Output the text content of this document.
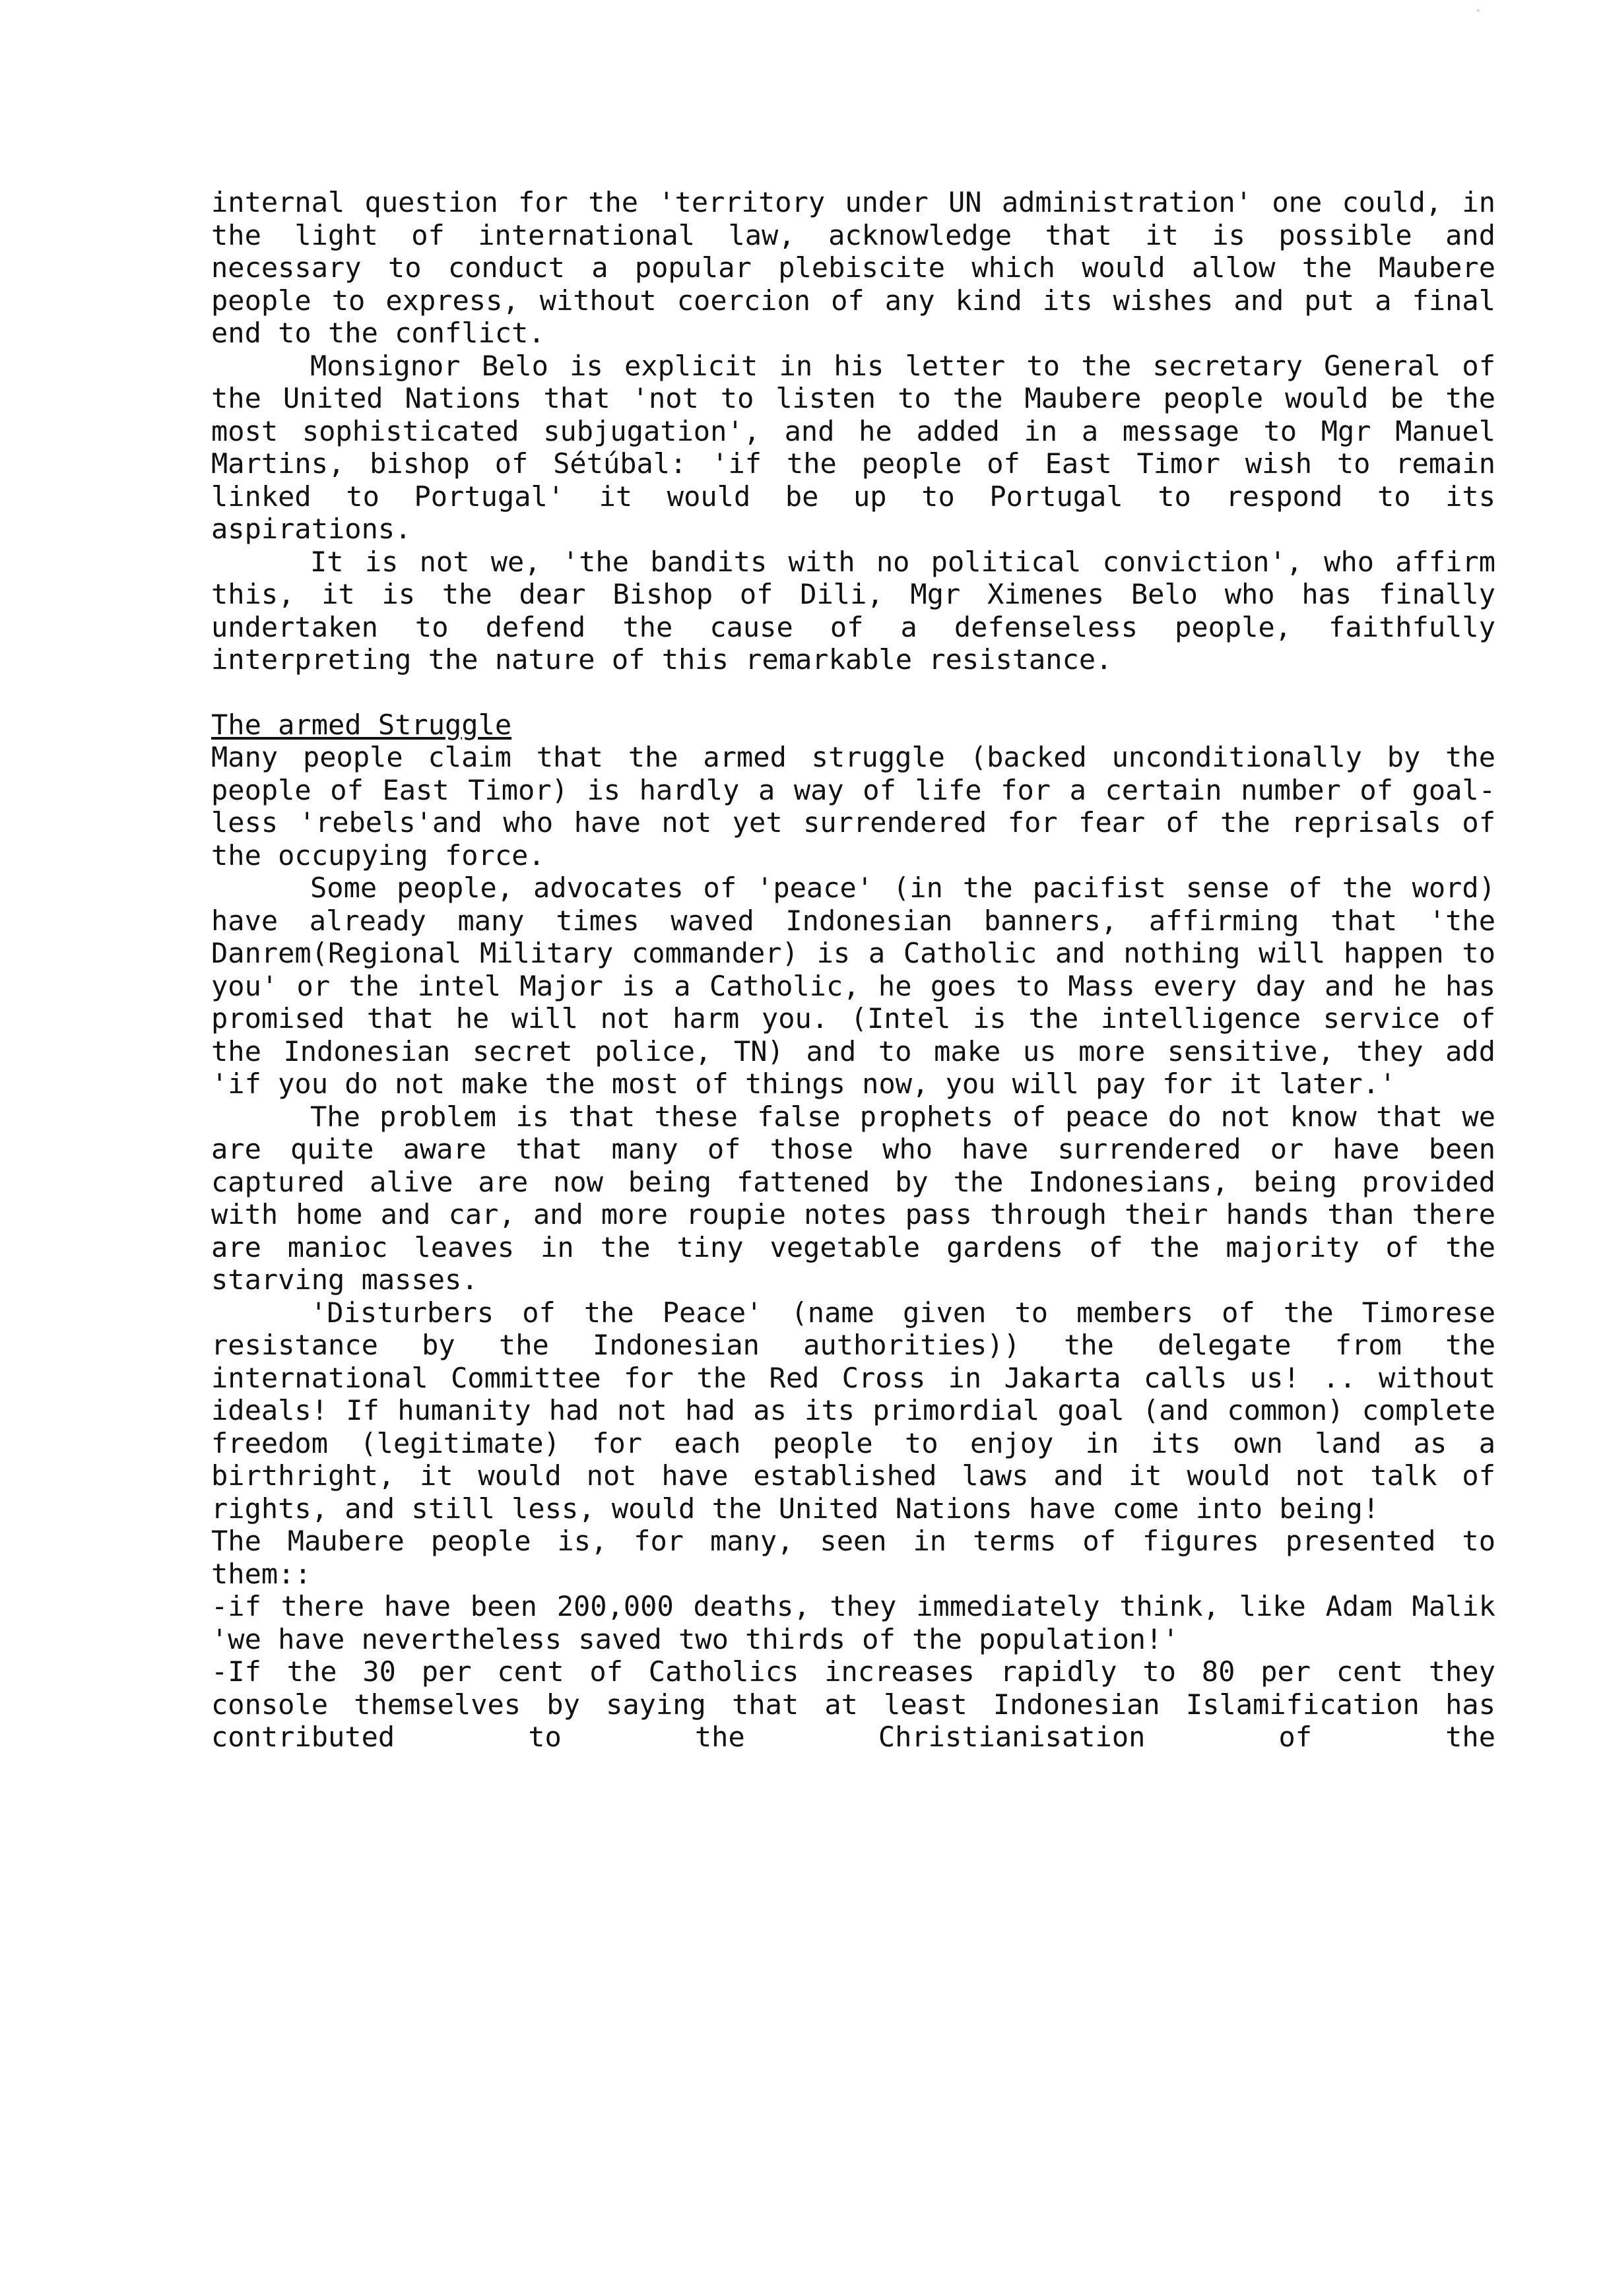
internal question for the 'territory under UN administration' one could, in the light of international law, acknowledge that it is possible and necessary to conduct a popular plebiscite which would allow the Maubere people to express, without coercion of any kind its wishes and put a final end to the conflict.

Monsignor Belo is explicit in his letter to the secretary General of the United Nations that 'not to listen to the Maubere people would be the most sophisticated subjugation', and he added in a message to Mgr Manuel Martins, bishop of Sétúbal: 'if the people of East Timor wish to remain linked to Portugal' it would be up to Portugal to respond to its aspirations.

It is not we, 'the bandits with no political conviction', who affirm this, it is the dear Bishop of Dili, Mgr Ximenes Belo who has finally undertaken to defend the cause of a defenseless people, faithfully interpreting the nature of this remarkable resistance.

The armed Struggle

Many people claim that the armed struggle (backed unconditionally by the people of East Timor) is hardly a way of life for a certain number of goal-less 'rebels'and who have not yet surrendered for fear of the reprisals of the occupying force.

Some people, advocates of 'peace' (in the pacifist sense of the word) have already many times waved Indonesian banners, affirming that 'the Danrem(Regional Military commander) is a Catholic and nothing will happen to you' or the intel Major is a Catholic, he goes to Mass every day and he has promised that he will not harm you. (Intel is the intelligence service of the Indonesian secret police, TN) and to make us more sensitive, they add 'if you do not make the most of things now, you will pay for it later.'

The problem is that these false prophets of peace do not know that we are quite aware that many of those who have surrendered or have been captured alive are now being fattened by the Indonesians, being provided with home and car, and more roupie notes pass through their hands than there are manioc leaves in the tiny vegetable gardens of the majority of the starving masses.

'Disturbers of the Peace' (name given to members of the Timorese resistance by the Indonesian authorities)) the delegate from the international Committee for the Red Cross in Jakarta calls us! .. without ideals! If humanity had not had as its primordial goal (and common) complete freedom (legitimate) for each people to enjoy in its own land as a birthright, it would not have established laws and it would not talk of rights, and still less, would the United Nations have come into being!

The Maubere people is, for many, seen in terms of figures presented to them::

-if there have been 200,000 deaths, they immediately think, like Adam Malik 'we have nevertheless saved two thirds of the population!'

-If the 30 per cent of Catholics increases rapidly to 80 per cent they console themselves by saying that at least Indonesian Islamification has contributed to the Christianisation of the
